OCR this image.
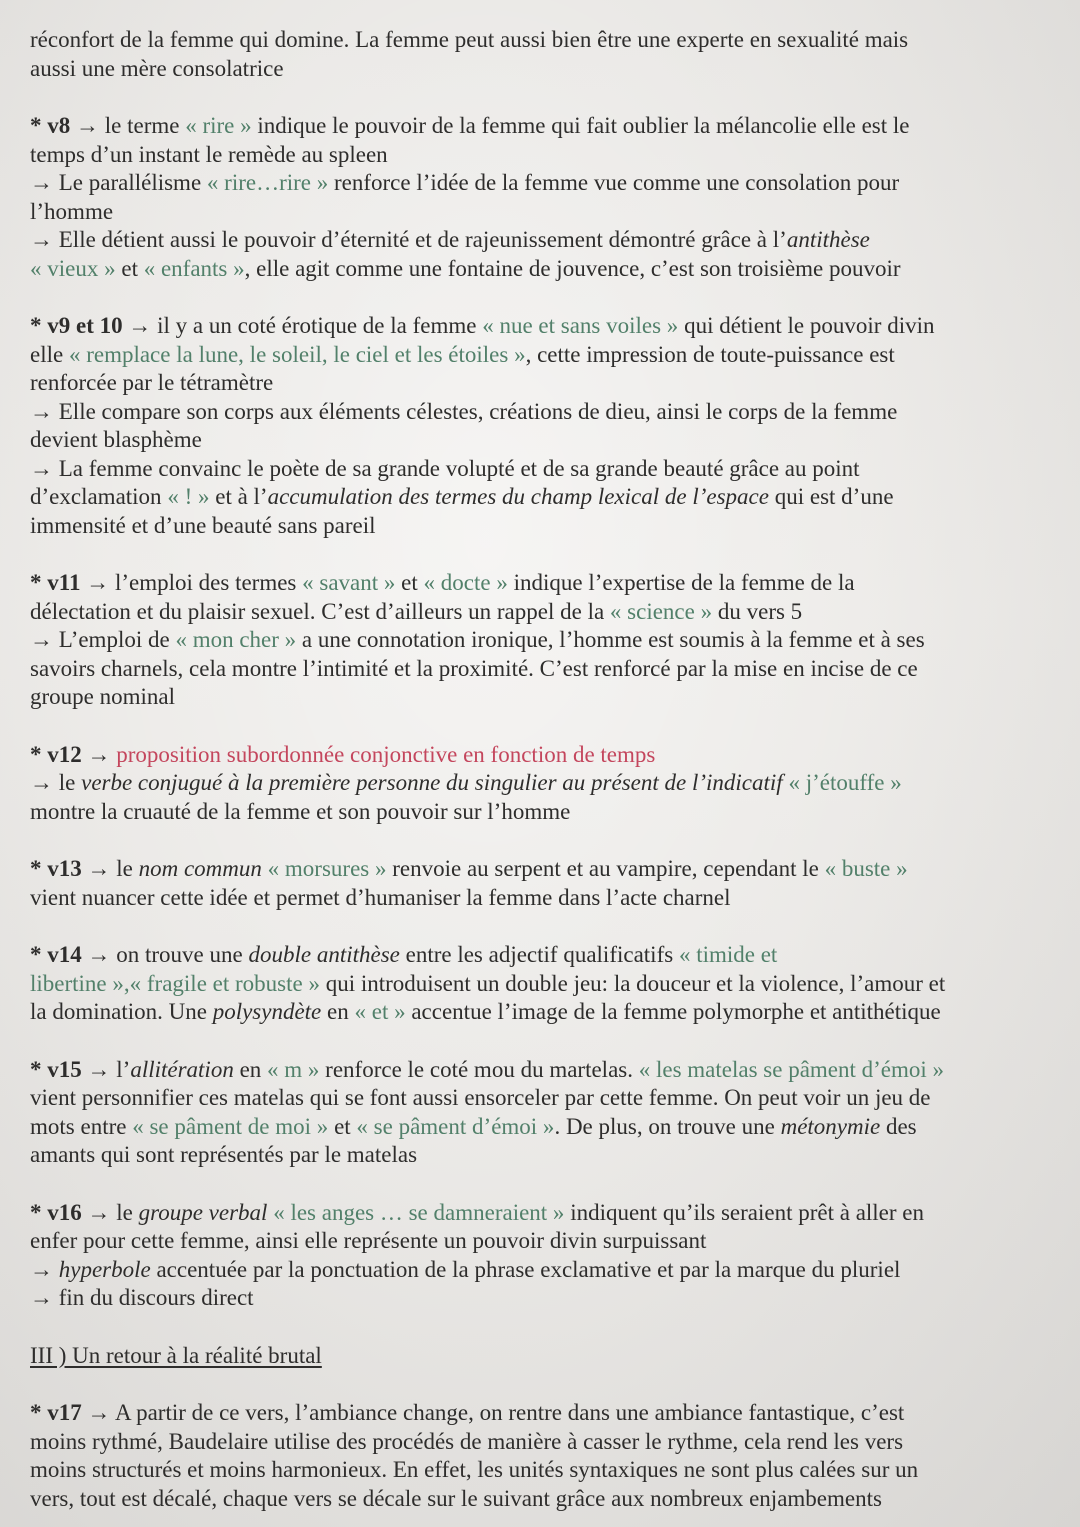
réconfort de la femme qui domine. La femme peut aussi bien être une experte en sexualité mais
aussi une mère consolatrice
* v8 → le terme « rire » indique le pouvoir de la femme qui fait oublier la mélancolie elle est le
temps d’un instant le remède au spleen
→ Le parallélisme « rire…rire » renforce l’idée de la femme vue comme une consolation pour
l’homme
→ Elle détient aussi le pouvoir d’éternité et de rajeunissement démontré grâce à l’antithèse
« vieux » et « enfants », elle agit comme une fontaine de jouvence, c’est son troisième pouvoir
* v9 et 10 → il y a un coté érotique de la femme « nue et sans voiles » qui détient le pouvoir divin
elle « remplace la lune, le soleil, le ciel et les étoiles », cette impression de toute-puissance est
renforcée par le tétramètre
→ Elle compare son corps aux éléments célestes, créations de dieu, ainsi le corps de la femme
devient blasphème
→ La femme convainc le poète de sa grande volupté et de sa grande beauté grâce au point
d’exclamation « ! » et à l’accumulation des termes du champ lexical de l’espace qui est d’une
immensité et d’une beauté sans pareil
* v11 → l’emploi des termes « savant » et « docte » indique l’expertise de la femme de la
délectation et du plaisir sexuel. C’est d’ailleurs un rappel de la « science » du vers 5
→ L’emploi de « mon cher » a une connotation ironique, l’homme est soumis à la femme et à ses
savoirs charnels, cela montre l’intimité et la proximité. C’est renforcé par la mise en incise de ce
groupe nominal
* v12 → proposition subordonnée conjonctive en fonction de temps
→ le verbe conjugué à la première personne du singulier au présent de l’indicatif « j’étouffe »
montre la cruauté de la femme et son pouvoir sur l’homme
* v13 → le nom commun « morsures » renvoie au serpent et au vampire, cependant le « buste »
vient nuancer cette idée et permet d’humaniser la femme dans l’acte charnel
* v14 → on trouve une double antithèse entre les adjectif qualificatifs « timide et
libertine »,« fragile et robuste » qui introduisent un double jeu: la douceur et la violence, l’amour et
la domination. Une polysyndète en « et » accentue l’image de la femme polymorphe et antithétique
* v15 → l’allitération en « m » renforce le coté mou du martelas. « les matelas se pâment d’émoi »
vient personnifier ces matelas qui se font aussi ensorceler par cette femme. On peut voir un jeu de
mots entre « se pâment de moi » et « se pâment d’émoi ». De plus, on trouve une métonymie des
amants qui sont représentés par le matelas
* v16 → le groupe verbal « les anges … se damneraient » indiquent qu’ils seraient prêt à aller en
enfer pour cette femme, ainsi elle représente un pouvoir divin surpuissant
→ hyperbole accentuée par la ponctuation de la phrase exclamative et par la marque du pluriel
→ fin du discours direct
III ) Un retour à la réalité brutal
* v17 → A partir de ce vers, l’ambiance change, on rentre dans une ambiance fantastique, c’est
moins rythmé, Baudelaire utilise des procédés de manière à casser le rythme, cela rend les vers
moins structurés et moins harmonieux. En effet, les unités syntaxiques ne sont plus calées sur un
vers, tout est décalé, chaque vers se décale sur le suivant grâce aux nombreux enjambements
